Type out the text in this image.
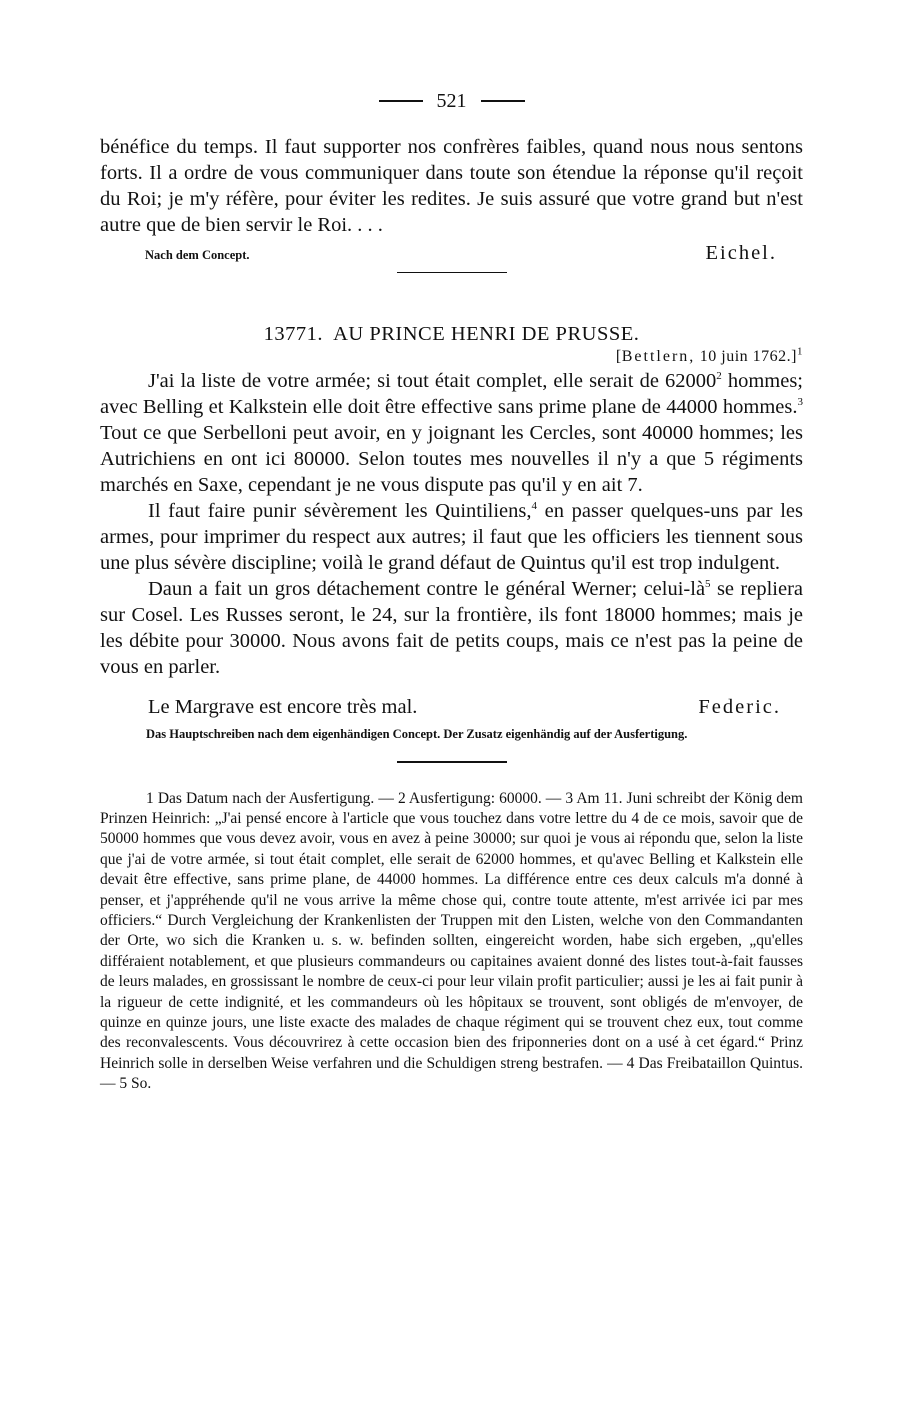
521

bénéfice du temps. Il faut supporter nos confrères faibles, quand nous nous sentons forts. Il a ordre de vous communiquer dans toute son étendue la réponse qu'il reçoit du Roi; je m'y réfère, pour éviter les redites. Je suis assuré que votre grand but n'est autre que de bien servir le Roi. . . .

Nach dem Concept.	Eichel.
13771. AU PRINCE HENRI DE PRUSSE.
[Bettlern, 10 juin 1762.]$^1$

J'ai la liste de votre armée; si tout était complet, elle serait de 62000$^2$ hommes; avec Belling et Kalkstein elle doit être effective sans prime plane de 44000 hommes.$^3$ Tout ce que Serbelloni peut avoir, en y joignant les Cercles, sont 40000 hommes; les Autrichiens en ont ici 80000. Selon toutes mes nouvelles il n'y a que 5 régiments marchés en Saxe, cependant je ne vous dispute pas qu'il y en ait 7.

Il faut faire punir sévèrement les Quintiliens,$^4$ en passer quelques-uns par les armes, pour imprimer du respect aux autres; il faut que les officiers les tiennent sous une plus sévère discipline; voilà le grand défaut de Quintus qu'il est trop indulgent.

Daun a fait un gros détachement contre le général Werner; celui-$là^5$ se repliera sur Cosel. Les Russes seront, le 24, sur la frontière, ils font 18000 hommes; mais je les débite pour 30000. Nous avons fait de petits coups, mais ce n'est pas la peine de vous en parler.

Le Margrave est encore très mal.	Federic.

Das Hauptschreiben nach dem eigenhändigen Concept. Der Zusatz eigenhändig auf der Ausfertigung.

1 Das Datum nach der Ausfertigung. — 2 Ausfertigung: 60000. — 3 Am 11. Juni schreibt der König dem Prinzen Heinrich: „J'ai pensé encore à l'article que vous touchez dans votre lettre du 4 de ce mois, savoir que de 50000 hommes que vous devez avoir, vous en avez à peine 30000; sur quoi je vous ai répondu que, selon la liste que j'ai de votre armée, si tout était complet, elle serait de 62000 hommes, et qu'avec Belling et Kalkstein elle devait être effective, sans prime plane, de 44000 hommes. La différence entre ces deux calculs m'a donné à penser, et j'appréhende qu'il ne vous arrive la même chose qui, contre toute attente, m'est arrivée ici par mes officiers.“ Durch Vergleichung der Krankenlisten der Truppen mit den Listen, welche von den Commandanten der Orte, wo sich die Kranken u. s. w. befinden sollten, eingereicht worden, habe sich ergeben, „qu'elles différaient notablement, et que plusieurs commandeurs ou capitaines avaient donné des listes tout-à-fait fausses de leurs malades, en grossissant le nombre de ceux-ci pour leur vilain profit particulier; aussi je les ai fait punir à la rigueur de cette indignité, et les commandeurs où les hôpitaux se trouvent, sont obligés de m'envoyer, de quinze en quinze jours, une liste exacte des malades de chaque régiment qui se trouvent chez eux, tout comme des reconvalescents. Vous découvrirez à cette occasion bien des friponneries dont on a usé à cet égard.“ Prinz Heinrich solle in derselben Weise verfahren und die Schuldigen streng bestrafen. — 4 Das Freibataillon Quintus. — 5 So.
